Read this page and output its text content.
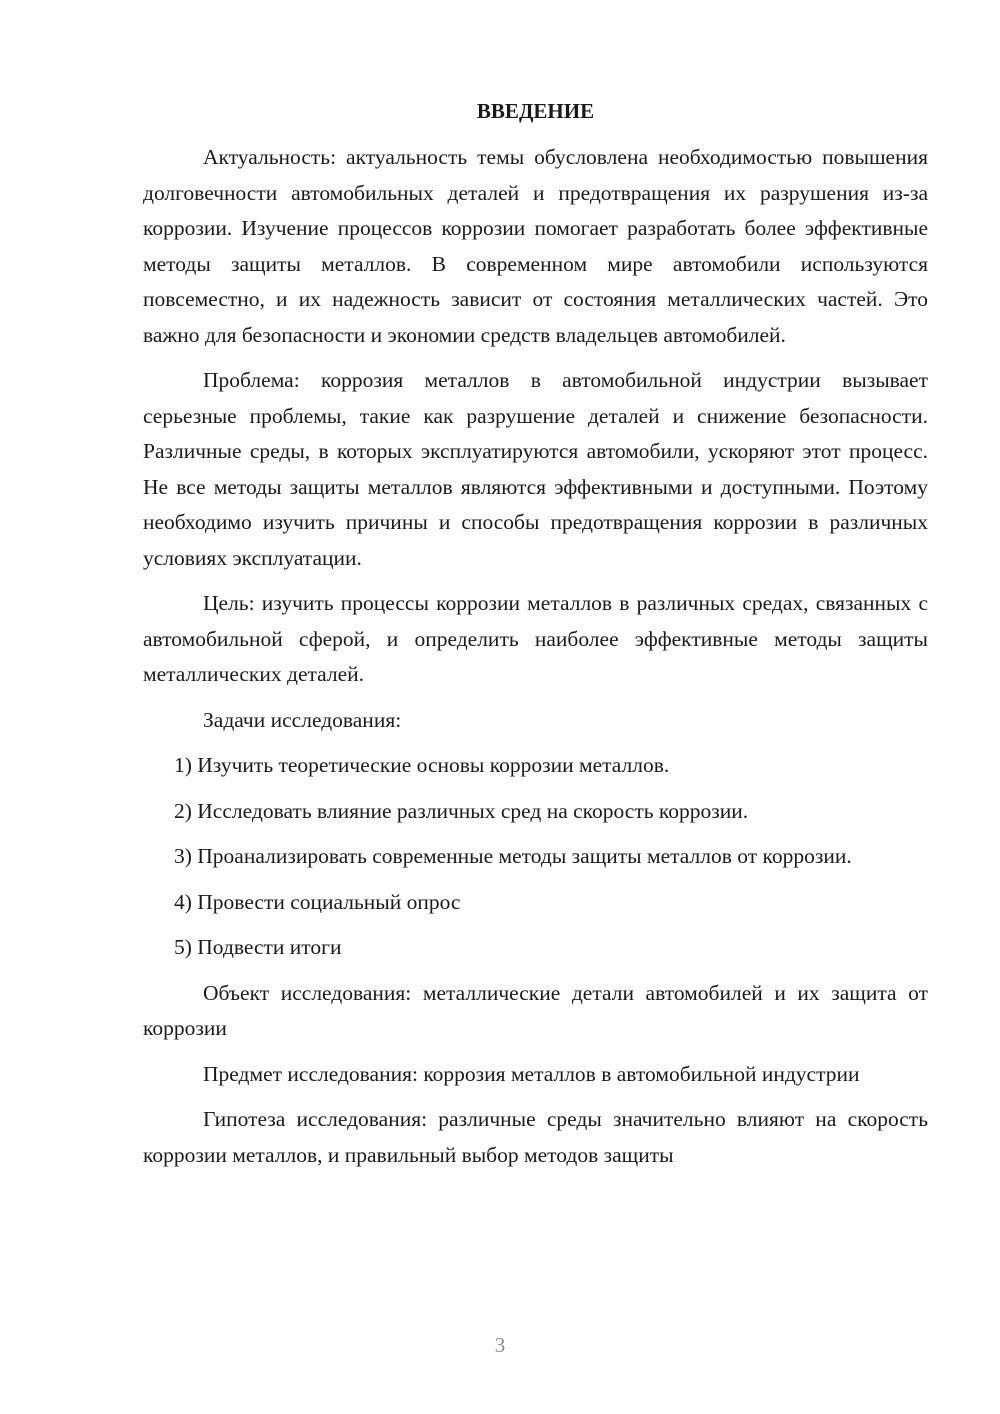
ВВЕДЕНИЕ

Актуальность: актуальность темы обусловлена необходимостью повышения долговечности автомобильных деталей и предотвращения их разрушения из-за коррозии. Изучение процессов коррозии помогает разработать более эффективные методы защиты металлов. В современном мире автомобили используются повсеместно, и их надежность зависит от состояния металлических частей. Это важно для безопасности и экономии средств владельцев автомобилей.

Проблема: коррозия металлов в автомобильной индустрии вызывает серьезные проблемы, такие как разрушение деталей и снижение безопасности. Различные среды, в которых эксплуатируются автомобили, ускоряют этот процесс. Не все методы защиты металлов являются эффективными и доступными. Поэтому необходимо изучить причины и способы предотвращения коррозии в различных условиях эксплуатации.

Цель: изучить процессы коррозии металлов в различных средах, связанных с автомобильной сферой, и определить наиболее эффективные методы защиты металлических деталей.

Задачи исследования:

1) Изучить теоретические основы коррозии металлов.

2) Исследовать влияние различных сред на скорость коррозии.

3) Проанализировать современные методы защиты металлов от коррозии.

4) Провести социальный опрос

5) Подвести итоги

Объект исследования: металлические детали автомобилей и их защита от коррозии

Предмет исследования: коррозия металлов в автомобильной индустрии

Гипотеза исследования: различные среды значительно влияют на скорость коррозии металлов, и правильный выбор методов защиты

3
